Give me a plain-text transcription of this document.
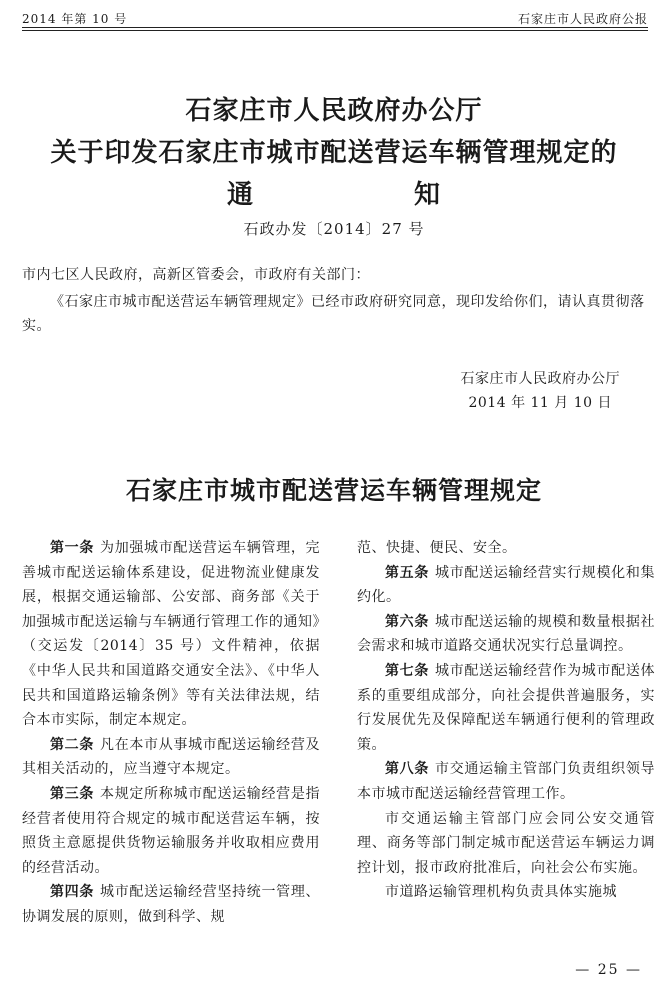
2014 年第 10 号	石家庄市人民政府公报
石家庄市人民政府办公厅
关于印发石家庄市城市配送营运车辆管理规定的
通	知
石政办发〔2014〕27 号
市内七区人民政府，高新区管委会，市政府有关部门：
《石家庄市城市配送营运车辆管理规定》已经市政府研究同意，现印发给你们，请认真贯彻落实。
石家庄市人民政府办公厅
2014 年 11 月 10 日
石家庄市城市配送营运车辆管理规定

第一条 为加强城市配送营运车辆管理，完善城市配送运输体系建设，促进物流业健康发展，根据交通运输部、公安部、商务部《关于加强城市配送运输与车辆通行管理工作的通知》（交运发〔2014〕35 号）文件精神，依据《中华人民共和国道路交通安全法》、《中华人民共和国道路运输条例》等有关法律法规，结合本市实际，制定本规定。

第二条 凡在本市从事城市配送运输经营及其相关活动的，应当遵守本规定。

第三条 本规定所称城市配送运输经营是指经营者使用符合规定的城市配送营运车辆，按照货主意愿提供货物运输服务并收取相应费用的经营活动。

第四条 城市配送运输经营坚持统一管理、协调发展的原则，做到科学、规

范、快捷、便民、安全。

第五条 城市配送运输经营实行规模化和集约化。

第六条 城市配送运输的规模和数量根据社会需求和城市道路交通状况实行总量调控。

第七条 城市配送运输经营作为城市配送体系的重要组成部分，向社会提供普遍服务，实行发展优先及保障配送车辆通行便利的管理政策。

第八条 市交通运输主管部门负责组织领导本市城市配送运输经营管理工作。

市交通运输主管部门应会同公安交通管理、商务等部门制定城市配送营运车辆运力调控计划，报市政府批准后，向社会公布实施。

市道路运输管理机构负责具体实施城

— 25 —
